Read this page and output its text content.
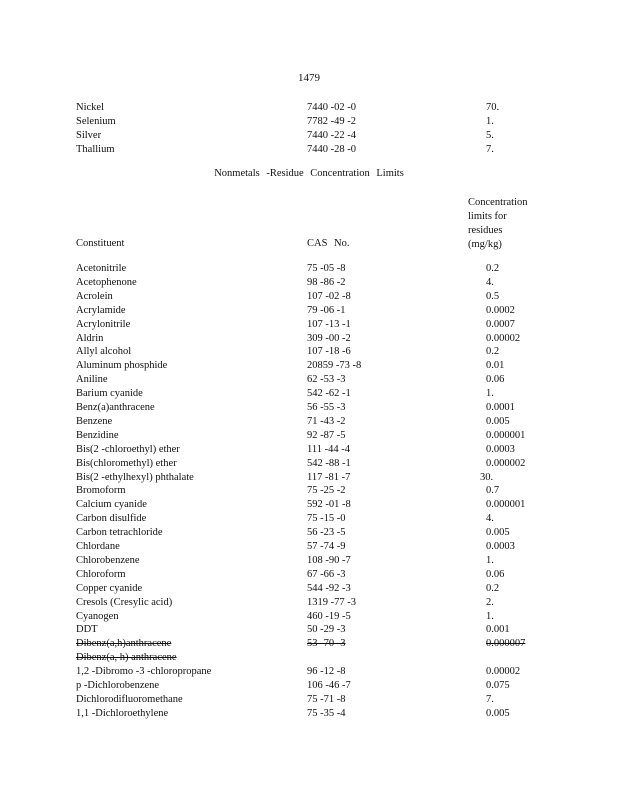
1479
Nickel	7440 -02 -0	70.
Selenium	7782 -49 -2	1.
Silver	7440 -22 -4	5.
Thallium	7440 -28 -0	7.
Nonmetals -Residue Concentration Limits
Concentration
limits for
residues
(mg/kg)
Constituent	CAS No.
Acetonitrile	75 -05 -8	0.2
Acetophenone	98 -86 -2	4.
Acrolein	107 -02 -8	0.5
Acrylamide	79 -06 -1	0.0002
Acrylonitrile	107 -13 -1	0.0007
Aldrin	309 -00 -2	0.00002
Allyl alcohol	107 -18 -6	0.2
Aluminum phosphide	20859 -73 -8	0.01
Aniline	62 -53 -3	0.06
Barium cyanide	542 -62 -1	1.
Benz(a)anthracene	56 -55 -3	0.0001
Benzene	71 -43 -2	0.005
Benzidine	92 -87 -5	0.000001
Bis(2 -chloroethyl) ether	111 -44 -4	0.0003
Bis(chloromethyl) ether	542 -88 -1	0.000002
Bis(2 -ethylhexyl) phthalate	117 -81 -7	30.
Bromoform	75 -25 -2	0.7
Calcium cyanide	592 -01 -8	0.000001
Carbon disulfide	75 -15 -0	4.
Carbon tetrachloride	56 -23 -5	0.005
Chlordane	57 -74 -9	0.0003
Chlorobenzene	108 -90 -7	1.
Chloroform	67 -66 -3	0.06
Copper cyanide	544 -92 -3	0.2
Cresols (Cresylic acid)	1319 -77 -3	2.
Cyanogen	460 -19 -5	1.
DDT	50 -29 -3	0.001
Dibenz(a,h)anthracene	53 -70 -3	0.000007
Dibenz(a, h) anthracene
1,2 -Dibromo -3 -chloropropane	96 -12 -8	0.00002
p -Dichlorobenzene	106 -46 -7	0.075
Dichlorodifluoromethane	75 -71 -8	7.
1,1 -Dichloroethylene	75 -35 -4	0.005
